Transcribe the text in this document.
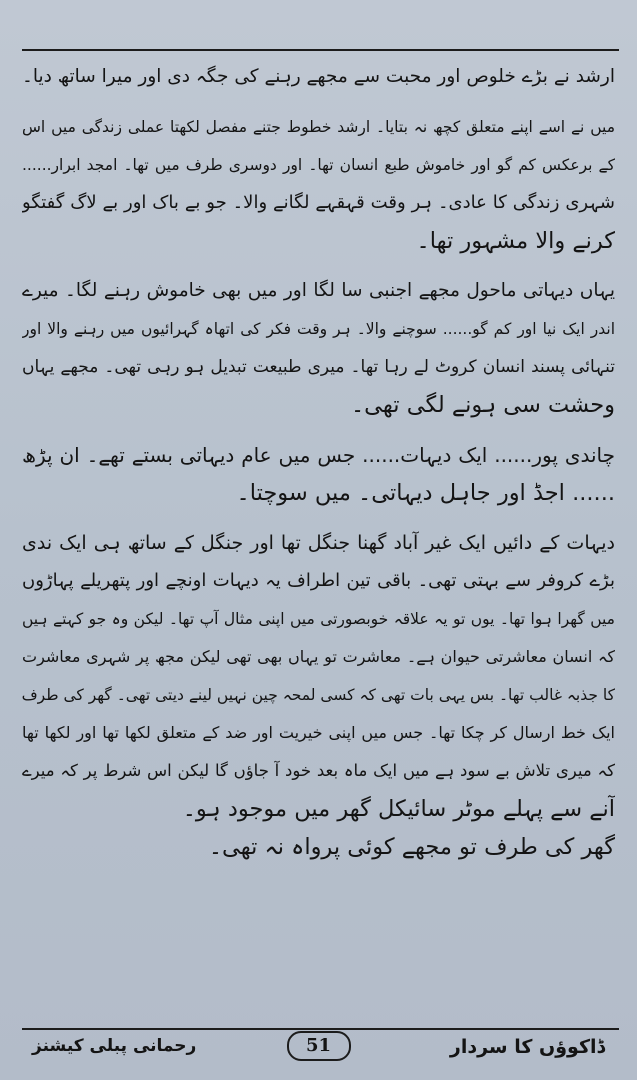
ارشد نے بڑے خلوص اور محبت سے مجھے رہنے کی جگہ دی اور میرا ساتھ دیا۔
میں نے اسے اپنے متعلق کچھ نہ بتایا۔ ارشد خطوط جتنے مفصل لکھتا عملی زندگی میں اس
کے برعکس کم گو اور خاموش طبع انسان تھا۔ اور دوسری طرف میں تھا۔ امجد ابرار......
شہری زندگی کا عادی۔ ہر وقت قہقہے لگانے والا۔ جو بے باک اور بے لاگ گفتگو
کرنے والا مشہور تھا۔
یہاں دیہاتی ماحول مجھے اجنبی سا لگا اور میں بھی خاموش رہنے لگا۔ میرے
اندر ایک نیا اور کم گو...... سوچنے والا۔ ہر وقت فکر کی اتھاہ گہرائیوں میں رہنے والا اور
تنہائی پسند انسان کروٹ لے رہا تھا۔ میری طبیعت تبدیل ہو رہی تھی۔ مجھے یہاں
وحشت سی ہونے لگی تھی۔
چاندی پور...... ایک دیہات...... جس میں عام دیہاتی بستے تھے۔ ان پڑھ
...... اجڈ اور جاہل دیہاتی۔ میں سوچتا۔
دیہات کے دائیں ایک غیر آباد گھنا جنگل تھا اور جنگل کے ساتھ ہی ایک ندی
بڑے کروفر سے بہتی تھی۔ باقی تین اطراف یہ دیہات اونچے اور پتھریلے پہاڑوں
میں گھرا ہوا تھا۔ یوں تو یہ علاقہ خوبصورتی میں اپنی مثال آپ تھا۔ لیکن وہ جو کہتے ہیں
کہ انسان معاشرتی حیوان ہے۔ معاشرت تو یہاں بھی تھی لیکن مجھ پر شہری معاشرت
کا جذبہ غالب تھا۔ بس یہی بات تھی کہ کسی لمحہ چین نہیں لینے دیتی تھی۔ گھر کی طرف
ایک خط ارسال کر چکا تھا۔ جس میں اپنی خیریت اور ضد کے متعلق لکھا تھا اور لکھا تھا
کہ میری تلاش بے سود ہے میں ایک ماہ بعد خود آ جاؤں گا لیکن اس شرط پر کہ میرے
آنے سے پہلے موٹر سائیکل گھر میں موجود ہو۔
گھر کی طرف تو مجھے کوئی پرواہ نہ تھی۔
ڈاکوؤں کا سردار
51
رحمانی پبلی کیشنز
